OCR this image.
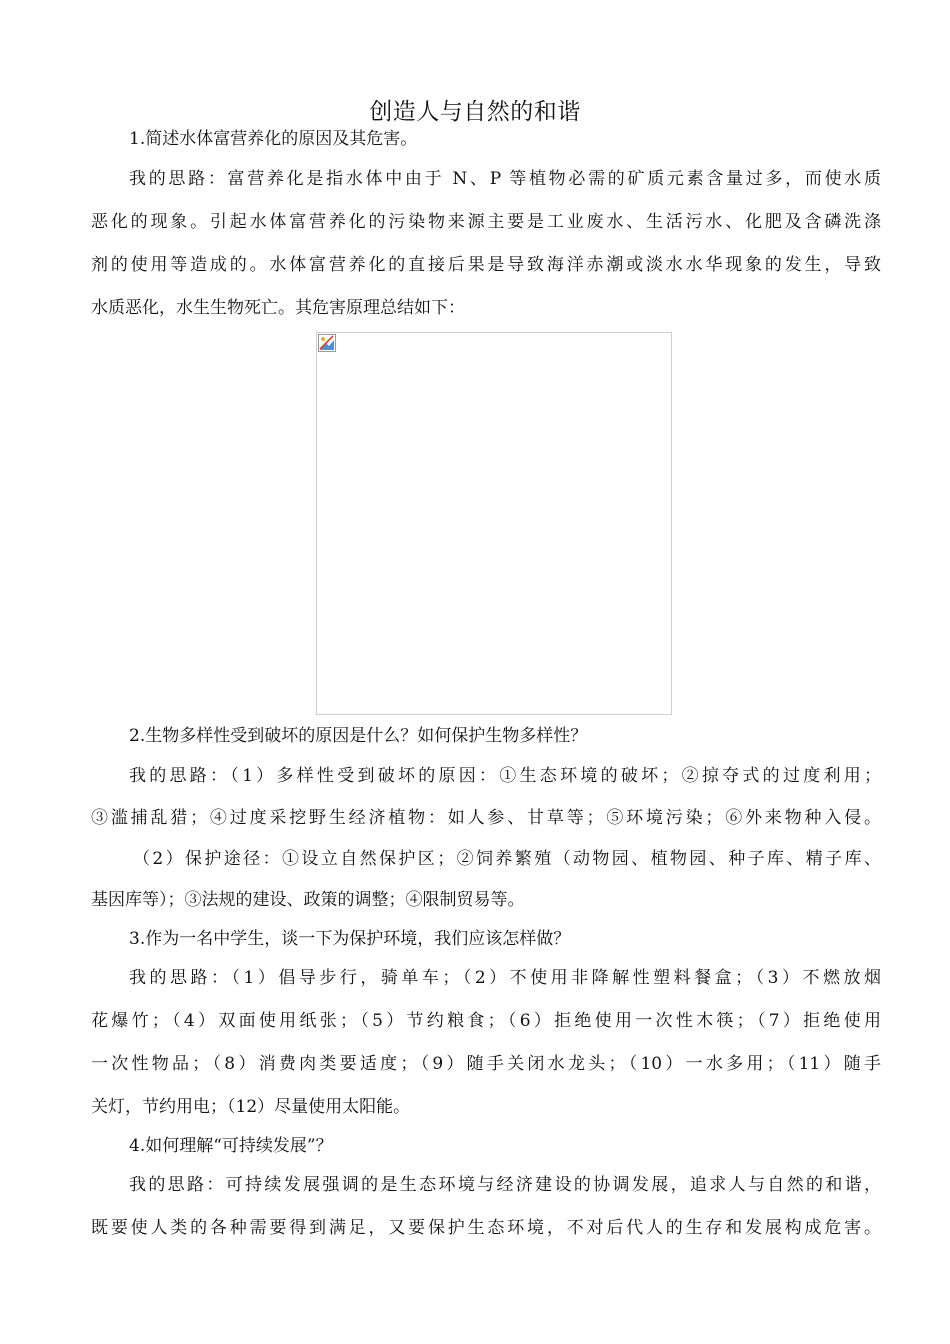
创造人与自然的和谐
1.简述水体富营养化的原因及其危害。
我的思路：富营养化是指水体中由于 N、P 等植物必需的矿质元素含量过多，而使水质
恶化的现象。引起水体富营养化的污染物来源主要是工业废水、生活污水、化肥及含磷洗涤
剂的使用等造成的。水体富营养化的直接后果是导致海洋赤潮或淡水水华现象的发生，导致
水质恶化，水生生物死亡。其危害原理总结如下：
2.生物多样性受到破坏的原因是什么？如何保护生物多样性？
我的思路：（1）多样性受到破坏的原因：①生态环境的破坏；②掠夺式的过度利用；
③滥捕乱猎；④过度采挖野生经济植物：如人参、甘草等；⑤环境污染；⑥外来物种入侵。
（2）保护途径：①设立自然保护区；②饲养繁殖（动物园、植物园、种子库、精子库、
基因库等）；③法规的建设、政策的调整；④限制贸易等。
3.作为一名中学生，谈一下为保护环境，我们应该怎样做？
我的思路：（1）倡导步行，骑单车；（2）不使用非降解性塑料餐盒；（3）不燃放烟
花爆竹；（4）双面使用纸张；（5）节约粮食；（6）拒绝使用一次性木筷；（7）拒绝使用
一次性物品；（8）消费肉类要适度；（9）随手关闭水龙头；（10）一水多用；（11）随手
关灯，节约用电；（12）尽量使用太阳能。
4.如何理解“可持续发展”？
我的思路：可持续发展强调的是生态环境与经济建设的协调发展，追求人与自然的和谐，
既要使人类的各种需要得到满足，又要保护生态环境，不对后代人的生存和发展构成危害。
